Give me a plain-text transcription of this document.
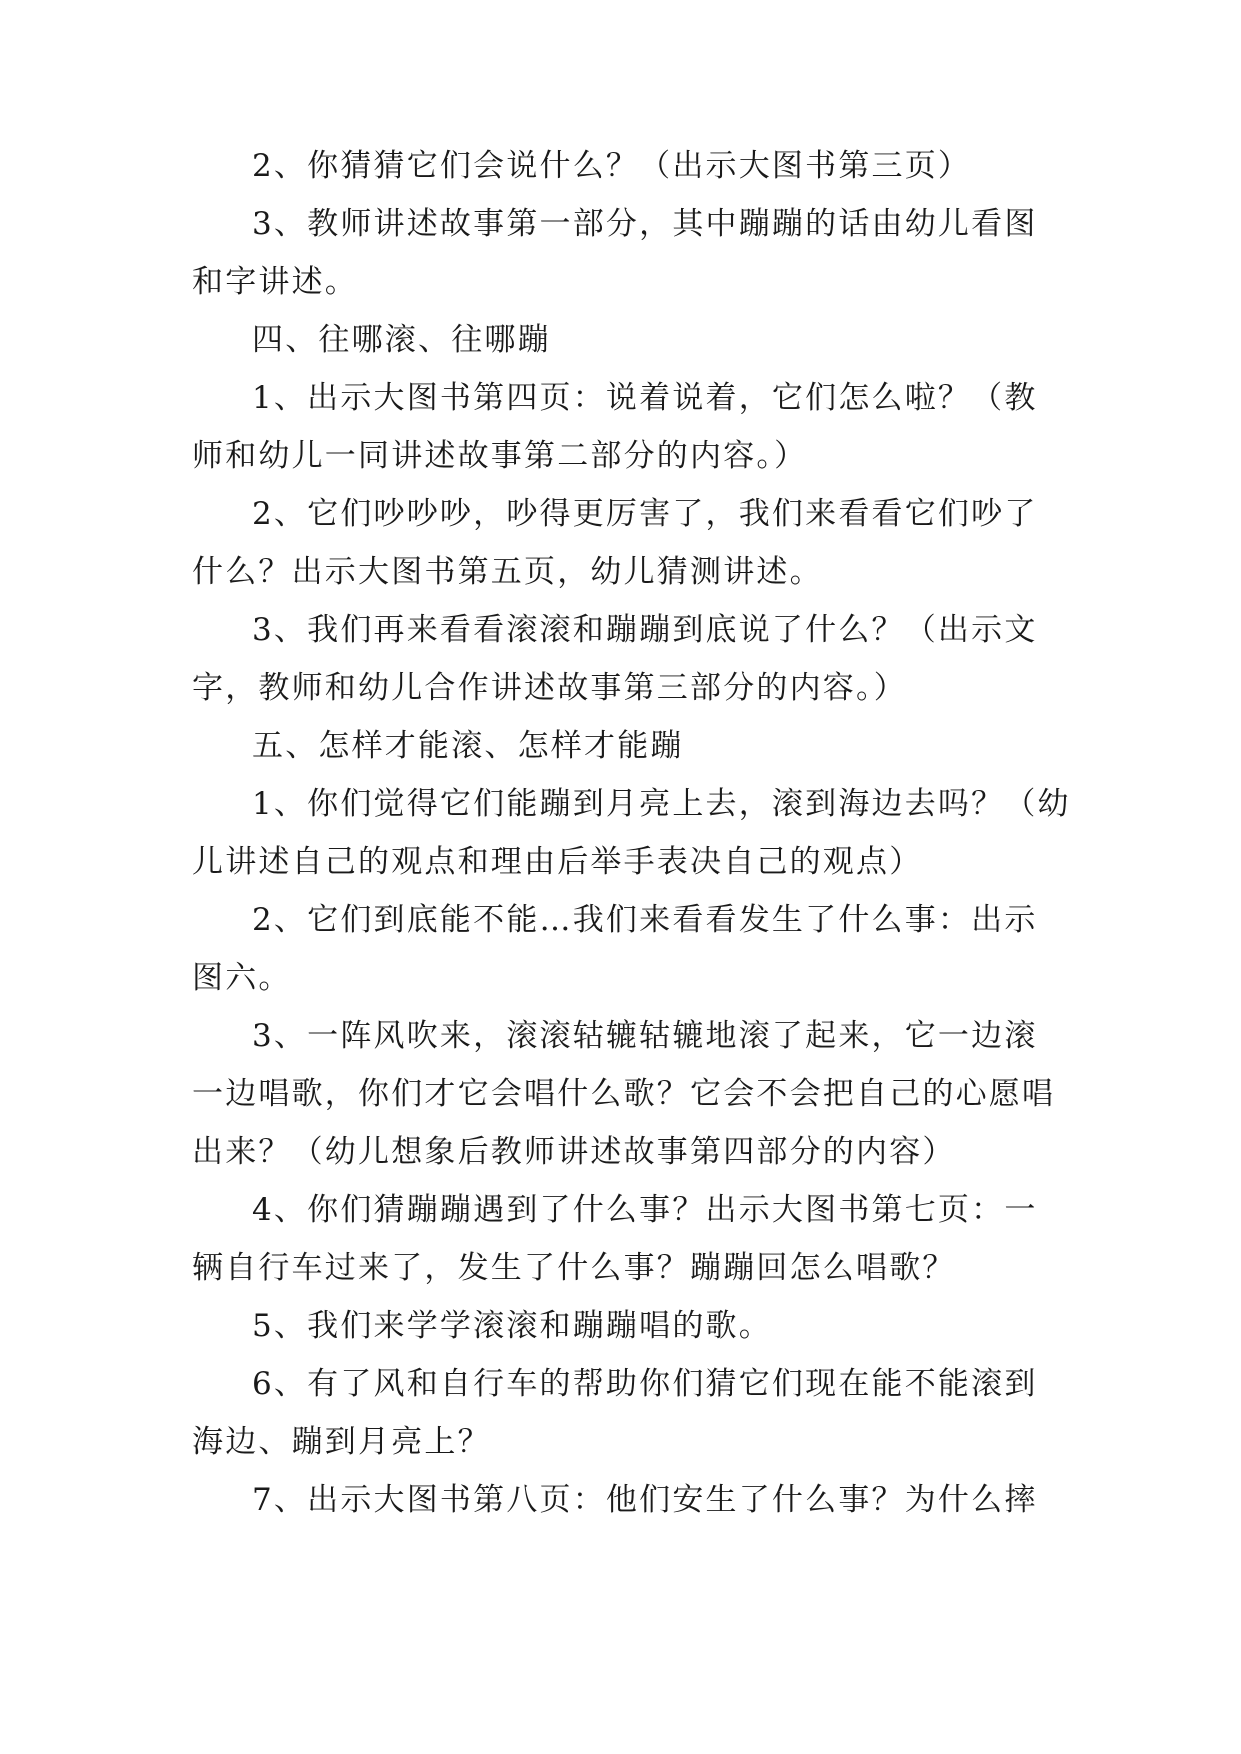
2、你猜猜它们会说什么？（出示大图书第三页）
3、教师讲述故事第一部分，其中蹦蹦的话由幼儿看图
和字讲述。
四、往哪滚、往哪蹦
1、出示大图书第四页：说着说着，它们怎么啦？（教
师和幼儿一同讲述故事第二部分的内容。）
2、它们吵吵吵，吵得更厉害了，我们来看看它们吵了
什么？出示大图书第五页，幼儿猜测讲述。
3、我们再来看看滚滚和蹦蹦到底说了什么？（出示文
字，教师和幼儿合作讲述故事第三部分的内容。）
五、怎样才能滚、怎样才能蹦
1、你们觉得它们能蹦到月亮上去，滚到海边去吗？（幼
儿讲述自己的观点和理由后举手表决自己的观点）
2、它们到底能不能…我们来看看发生了什么事：出示
图六。
3、一阵风吹来，滚滚轱辘轱辘地滚了起来，它一边滚
一边唱歌，你们才它会唱什么歌？它会不会把自己的心愿唱
出来？（幼儿想象后教师讲述故事第四部分的内容）
4、你们猜蹦蹦遇到了什么事？出示大图书第七页：一
辆自行车过来了，发生了什么事？蹦蹦回怎么唱歌？
5、我们来学学滚滚和蹦蹦唱的歌。
6、有了风和自行车的帮助你们猜它们现在能不能滚到
海边、蹦到月亮上？
7、出示大图书第八页：他们安生了什么事？为什么摔
